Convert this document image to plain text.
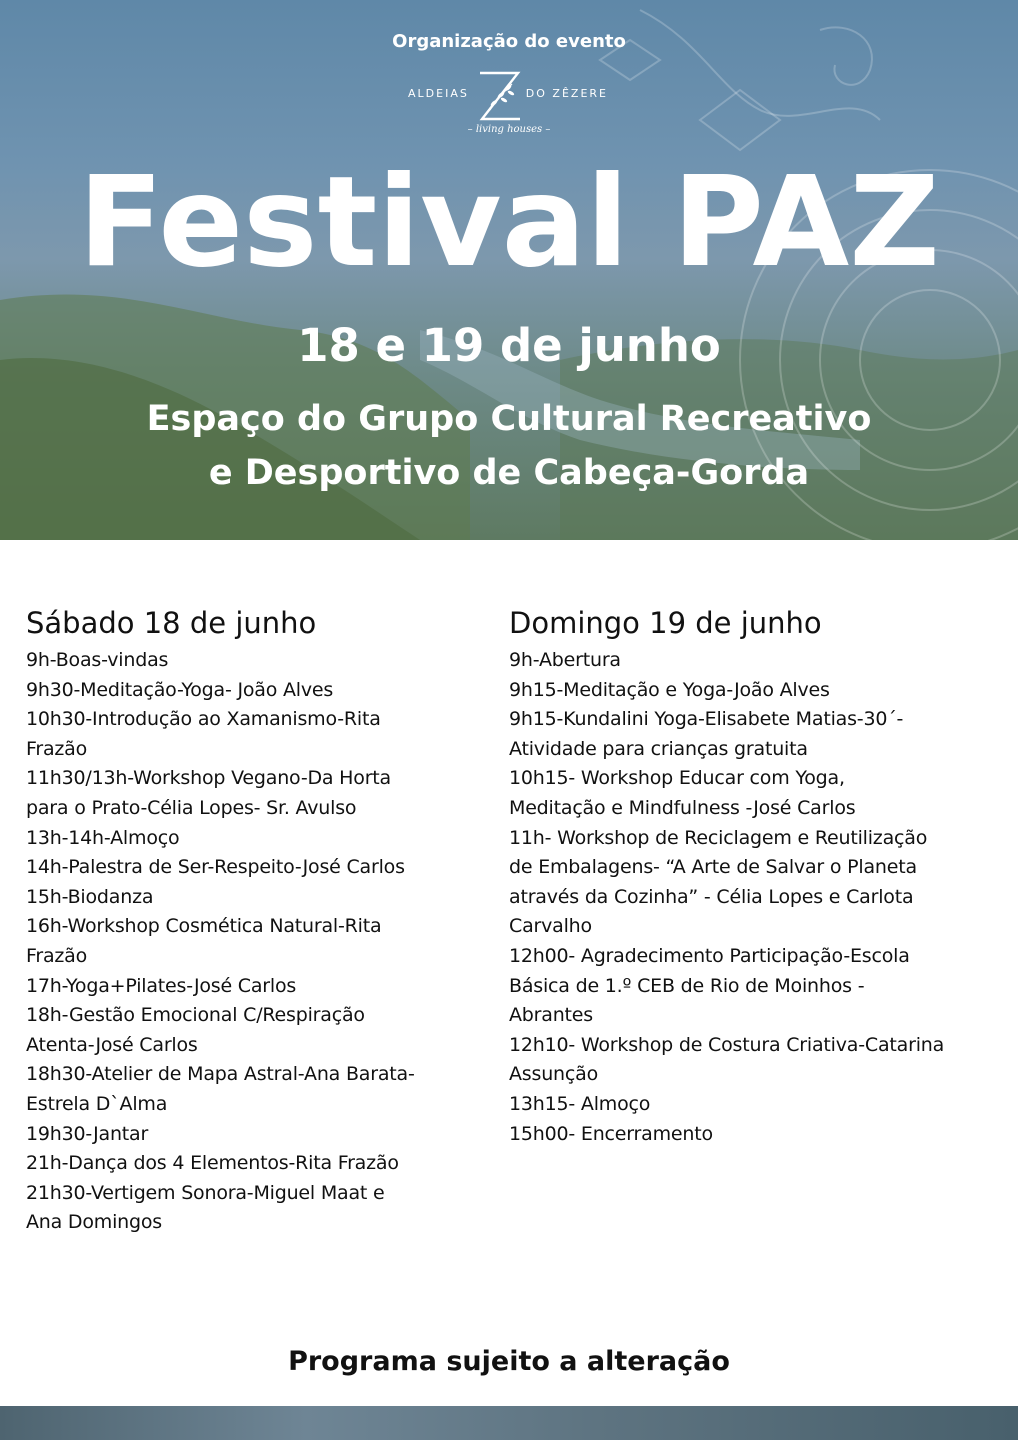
Organização do evento
ALDEIAS	DO ZÊZERE
– living houses –
Festival PAZ
18 e 19 de junho
Espaço do Grupo Cultural Recreativo
e Desportivo de Cabeça-Gorda
Sábado 18 de junho
9h-Boas-vindas
9h30-Meditação-Yoga- João Alves
10h30-Introdução ao Xamanismo-Rita
Frazão
11h30/13h-Workshop Vegano-Da Horta
para o Prato-Célia Lopes- Sr. Avulso
13h-14h-Almoço
14h-Palestra de Ser-Respeito-José Carlos
15h-Biodanza
16h-Workshop Cosmética Natural-Rita
Frazão
17h-Yoga+Pilates-José Carlos
18h-Gestão Emocional C/Respiração
Atenta-José Carlos
18h30-Atelier de Mapa Astral-Ana Barata-
Estrela D`Alma
19h30-Jantar
21h-Dança dos 4 Elementos-Rita Frazão
21h30-Vertigem Sonora-Miguel Maat e
Ana Domingos
Domingo 19 de junho
9h-Abertura
9h15-Meditação e Yoga-João Alves
9h15-Kundalini Yoga-Elisabete Matias-30´-
Atividade para crianças gratuita
10h15- Workshop Educar com Yoga,
Meditação e Mindfulness -José Carlos
11h- Workshop de Reciclagem e Reutilização
de Embalagens- “A Arte de Salvar o Planeta
através da Cozinha” - Célia Lopes e Carlota
Carvalho
12h00- Agradecimento Participação-Escola
Básica de 1.º CEB de Rio de Moinhos -
Abrantes
12h10- Workshop de Costura Criativa-Catarina
Assunção
13h15- Almoço
15h00- Encerramento
Programa sujeito a alteração
